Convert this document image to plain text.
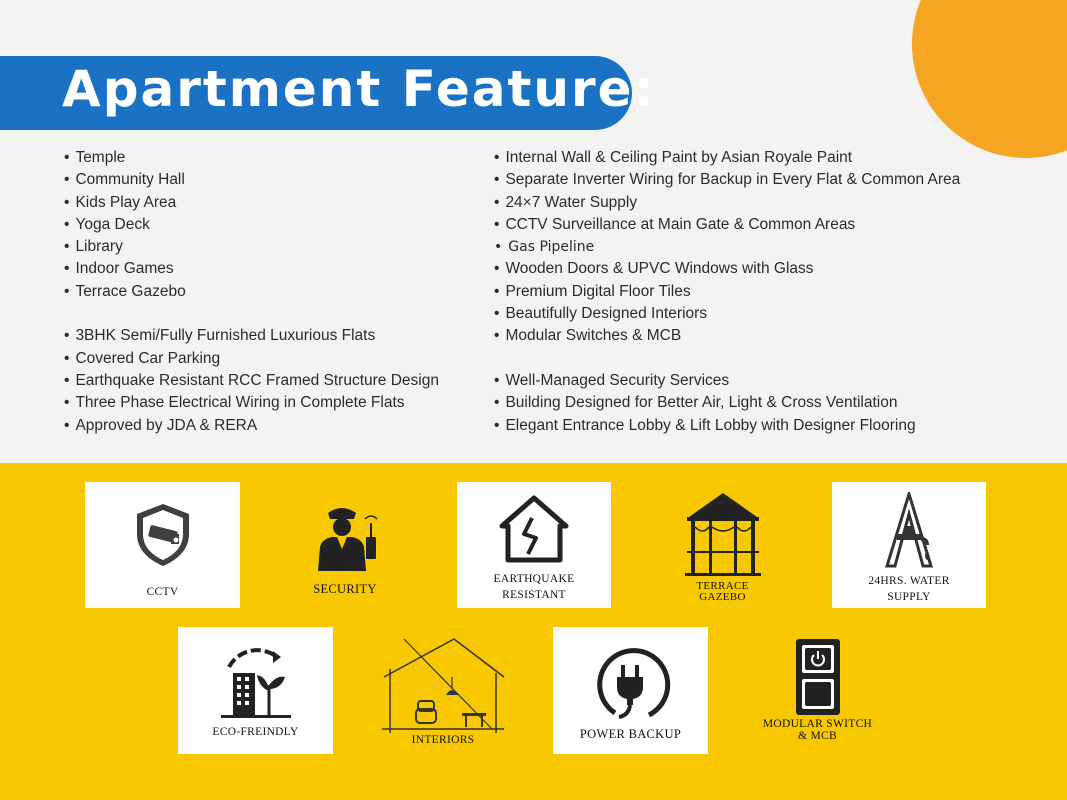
Apartment Feature:
• Temple
• Community Hall
• Kids Play Area
• Yoga Deck
• Library
• Indoor Games
• Terrace Gazebo
• 3BHK Semi/Fully Furnished Luxurious Flats
• Covered Car Parking
• Earthquake Resistant RCC Framed Structure Design
• Three Phase Electrical Wiring in Complete Flats
• Approved by JDA & RERA
• Internal Wall & Ceiling Paint by Asian Royale Paint
• Separate Inverter Wiring for Backup in Every Flat & Common Area
• 24×7 Water Supply
• CCTV Surveillance at Main Gate & Common Areas
• Gas Pipeline
• Wooden Doors & UPVC Windows with Glass
• Premium Digital Floor Tiles
• Beautifully Designed Interiors
• Modular Switches & MCB
• Well-Managed Security Services
• Building Designed for Better Air, Light & Cross Ventilation
• Elegant Entrance Lobby & Lift Lobby with Designer Flooring
CCTV	SECURITY
EARTHQUAKE
RESISTANT
TERRACE
GAZEBO
24HRS. WATER
SUPPLY
ECO-FREINDLY
INTERIORS	POWER BACKUP
MODULAR SWITCH
& MCB
